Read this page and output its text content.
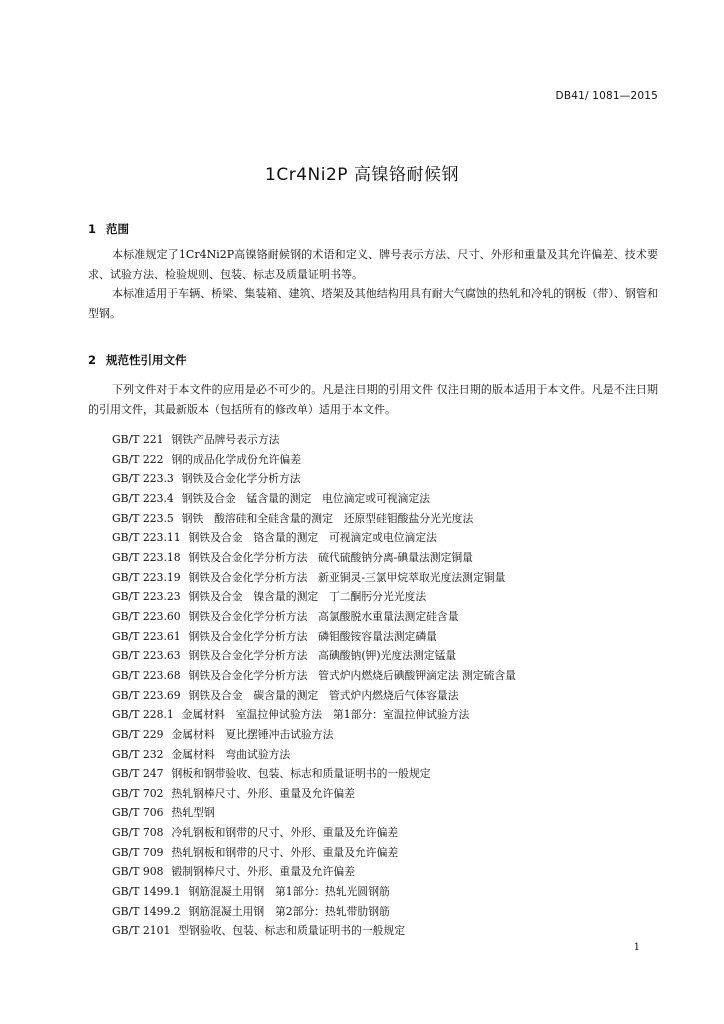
DB41/ 1081—2015
1Cr4Ni2P 高镍铬耐候钢
1 范围

本标准规定了1Cr4Ni2P高镍铬耐候钢的术语和定义、牌号表示方法、尺寸、外形和重量及其允许偏差、技术要求、试验方法、检验规则、包装、标志及质量证明书等。

本标准适用于车辆、桥梁、集装箱、建筑、塔架及其他结构用具有耐大气腐蚀的热轧和冷轧的钢板（带）、钢管和型钢。

2 规范性引用文件

下列文件对于本文件的应用是必不可少的。凡是注日期的引用文件 仅注日期的版本适用于本文件。凡是不注日期的引用文件，其最新版本（包括所有的修改单）适用于本文件。

GB/T 221 钢铁产品牌号表示方法
GB/T 222 钢的成品化学成份允许偏差
GB/T 223.3 钢铁及合金化学分析方法
GB/T 223.4 钢铁及合金　锰含量的测定　电位滴定或可视滴定法
GB/T 223.5 钢铁　酸溶硅和全硅含量的测定　还原型硅钼酸盐分光光度法
GB/T 223.11 钢铁及合金　铬含量的测定　可视滴定或电位滴定法
GB/T 223.18 钢铁及合金化学分析方法　硫代硫酸钠分离-碘量法测定铜量
GB/T 223.19 钢铁及合金化学分析方法　新亚铜灵-三氯甲烷萃取光度法测定铜量
GB/T 223.23 钢铁及合金　镍含量的测定　丁二酮肟分光光度法
GB/T 223.60 钢铁及合金化学分析方法　高氯酸脱水重量法测定硅含量
GB/T 223.61 钢铁及合金化学分析方法　磷钼酸铵容量法测定磷量
GB/T 223.63 钢铁及合金化学分析方法　高碘酸钠(钾)光度法测定锰量
GB/T 223.68 钢铁及合金化学分析方法　管式炉内燃烧后碘酸钾滴定法 测定硫含量
GB/T 223.69 钢铁及合金　碳含量的测定　管式炉内燃烧后气体容量法
GB/T 228.1 金属材料　室温拉伸试验方法　第1部分：室温拉伸试验方法
GB/T 229 金属材料　夏比摆锤冲击试验方法
GB/T 232 金属材料　弯曲试验方法
GB/T 247 钢板和钢带验收、包装、标志和质量证明书的一般规定
GB/T 702 热轧钢棒尺寸、外形、重量及允许偏差
GB/T 706 热轧型钢
GB/T 708 冷轧钢板和钢带的尺寸、外形、重量及允许偏差
GB/T 709 热轧钢板和钢带的尺寸、外形、重量及允许偏差
GB/T 908 锻制钢棒尺寸、外形、重量及允许偏差
GB/T 1499.1 钢筋混凝土用钢　第1部分：热轧光圆钢筋
GB/T 1499.2 钢筋混凝土用钢　第2部分：热轧带肋钢筋
GB/T 2101 型钢验收、包装、标志和质量证明书的一般规定
1
